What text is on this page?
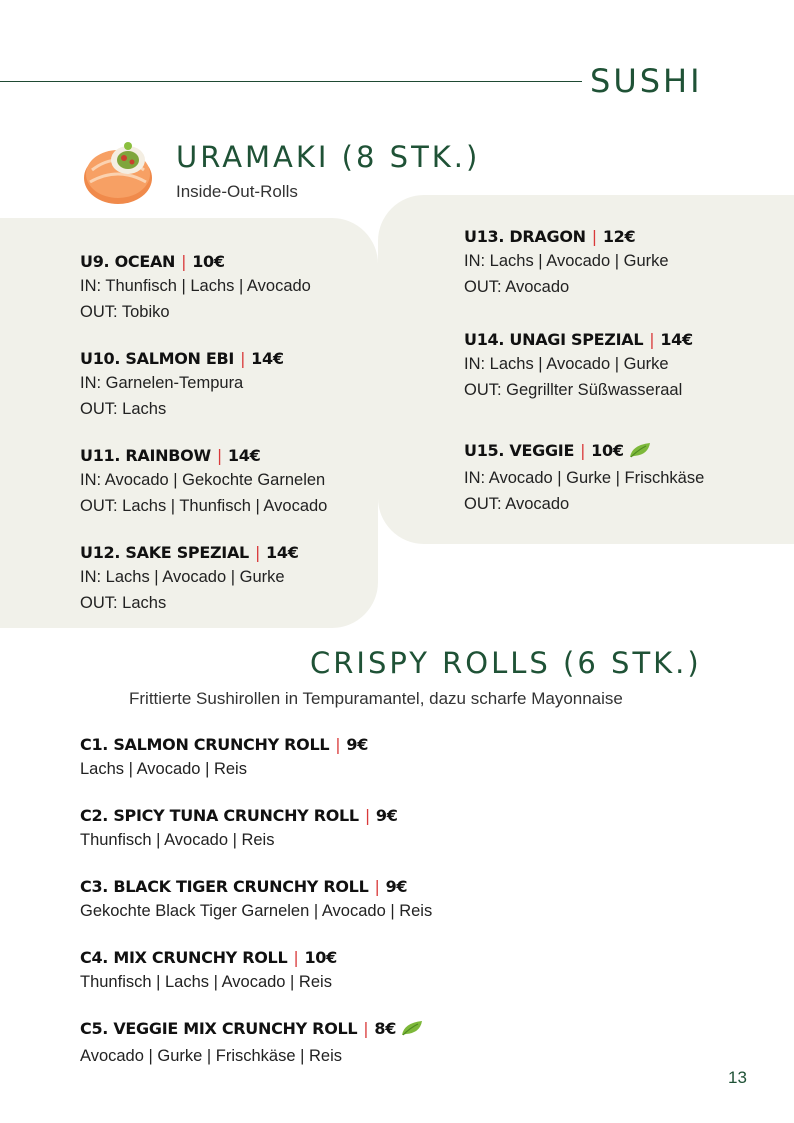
SUSHI
URAMAKI (8 STK.)
Inside-Out-Rolls
U9. OCEAN | 10€
IN: Thunfisch | Lachs | Avocado
OUT: Tobiko
U10. SALMON EBI | 14€
IN: Garnelen-Tempura
OUT: Lachs
U11. RAINBOW | 14€
IN: Avocado | Gekochte Garnelen
OUT: Lachs | Thunfisch | Avocado
U12. SAKE SPEZIAL | 14€
IN: Lachs | Avocado | Gurke
OUT: Lachs
U13. DRAGON | 12€
IN: Lachs | Avocado | Gurke
OUT: Avocado
U14. UNAGI SPEZIAL | 14€
IN: Lachs | Avocado | Gurke
OUT: Gegrillter Süßwasseraal
U15. VEGGIE | 10€
IN: Avocado | Gurke | Frischkäse
OUT: Avocado
CRISPY ROLLS (6 STK.)
Frittierte Sushirollen in Tempuramantel, dazu scharfe Mayonnaise
C1. SALMON CRUNCHY ROLL | 9€
Lachs | Avocado | Reis
C2. SPICY TUNA CRUNCHY ROLL | 9€
Thunfisch | Avocado | Reis
C3. BLACK TIGER CRUNCHY ROLL | 9€
Gekochte Black Tiger Garnelen | Avocado | Reis
C4. MIX CRUNCHY ROLL | 10€
Thunfisch | Lachs | Avocado | Reis
C5. VEGGIE MIX CRUNCHY ROLL | 8€
Avocado | Gurke | Frischkäse | Reis
13
